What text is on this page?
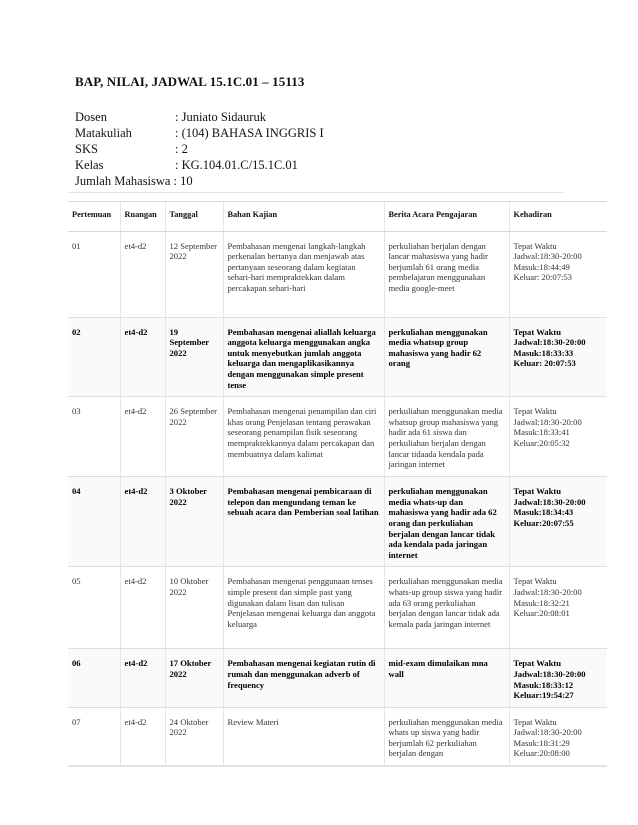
BAP, NILAI, JADWAL 15.1C.01 – 15113
Dosen	: Juniato Sidauruk
Matakuliah	: (104) BAHASA INGGRIS I
SKS	: 2
Kelas	: KG.104.01.C/15.1C.01
Jumlah Mahasiswa : 10
Pertemuan	Ruangan	Tanggal	Bahan Kajian	Berita Acara Pengajaran	Kehadiran
01	et4-d2	12 September 2022	Pembahasan mengenai langkah-langkah perkenalan bertanya dan menjawab atas pertanyaan seseorang dalam kegiatan sehari-hari mempraktekkan dalam percakapan sehari-hari	perkuliahan berjalan dengan lancar mahasiswa yang hadir berjumlah 61 orang media pembelajaran menggunakan media google-meet	Tepat Waktu
Jadwal:18:30-20:00
Masuk:18:44:49
Keluar: 20:07:53

02	et4-d2	19 September 2022	Pembahasan mengenai aliallah keluarga anggota keluarga menggunakan angka untuk menyebutkan jumlah anggota keluarga dan mengaplikasikannya dengan menggunakan simple present tense	perkuliahan menggunakan media whatsup group mahasiswa yang hadir 62 orang	Tepat Waktu
Jadwal:18:30-20:00
Masuk:18:33:33
Keluar: 20:07:53

03	et4-d2	26 September 2022	Pembahasan mengenai penampilan dan ciri khas orang Penjelasan tentang perawakan seseorang penampilan fisik seseorang mempraktekkannya dalam percakapan dan membuatnya dalam kalimat	perkuliahan menggunakan media whatsup group mahasiswa yang hadir ada 61 siswa dan perkuliahan berjalan dengan lancar tidaada kendala pada jaringan internet	Tepat Waktu
Jadwal:18:30-20:00
Masuk:18:33:41
Keluar:20:05:32

04	et4-d2	3 Oktober 2022	Pembahasan mengenai pembicaraan di telepon dan mengundang teman ke sebuah acara dan Pemberian soal latihan	perkuliahan menggunakan media whats-up dan mahasiswa yang hadir ada 62 orang dan perkuliahan berjalan dengan lancar tidak ada kendala pada jaringan internet	Tepat Waktu
Jadwal:18:30-20:00
Masuk:18:34:43
Keluar:20:07:55

05	et4-d2	10 Oktober 2022	Pembahasan mengenai penggunaan tenses simple present dan simple past yang digunakan dalam lisan dan tulisan Penjelasan mengenai keluarga dan anggota keluarga	perkuliahan menggunakan media whats-up group siswa yang hadir ada 63 orang perkuliahan berjalan dengan lancar tidak ada kemala pada jaringan internet	Tepat Waktu
Jadwal:18:30-20:00
Masuk:18:32:21
Keluar:20:08:01

06	et4-d2	17 Oktober 2022	Pembahasan mengenai kegiatan rutin di rumah dan menggunakan adverb of frequency	mid-exam dimulaikan mna wall	Tepat Waktu
Jadwal:18:30-20:00
Masuk:18:33:12
Keluar:19:54:27

07	et4-d2	24 Oktober 2022	Review Materi	perkuliahan menggunakan media whats up siswa yang hadir berjumlah 62 perkuliahan berjalan dengan	Tepat Waktu
Jadwal:18:30-20:00
Masuk:18:31:29
Keluar:20:08:00
